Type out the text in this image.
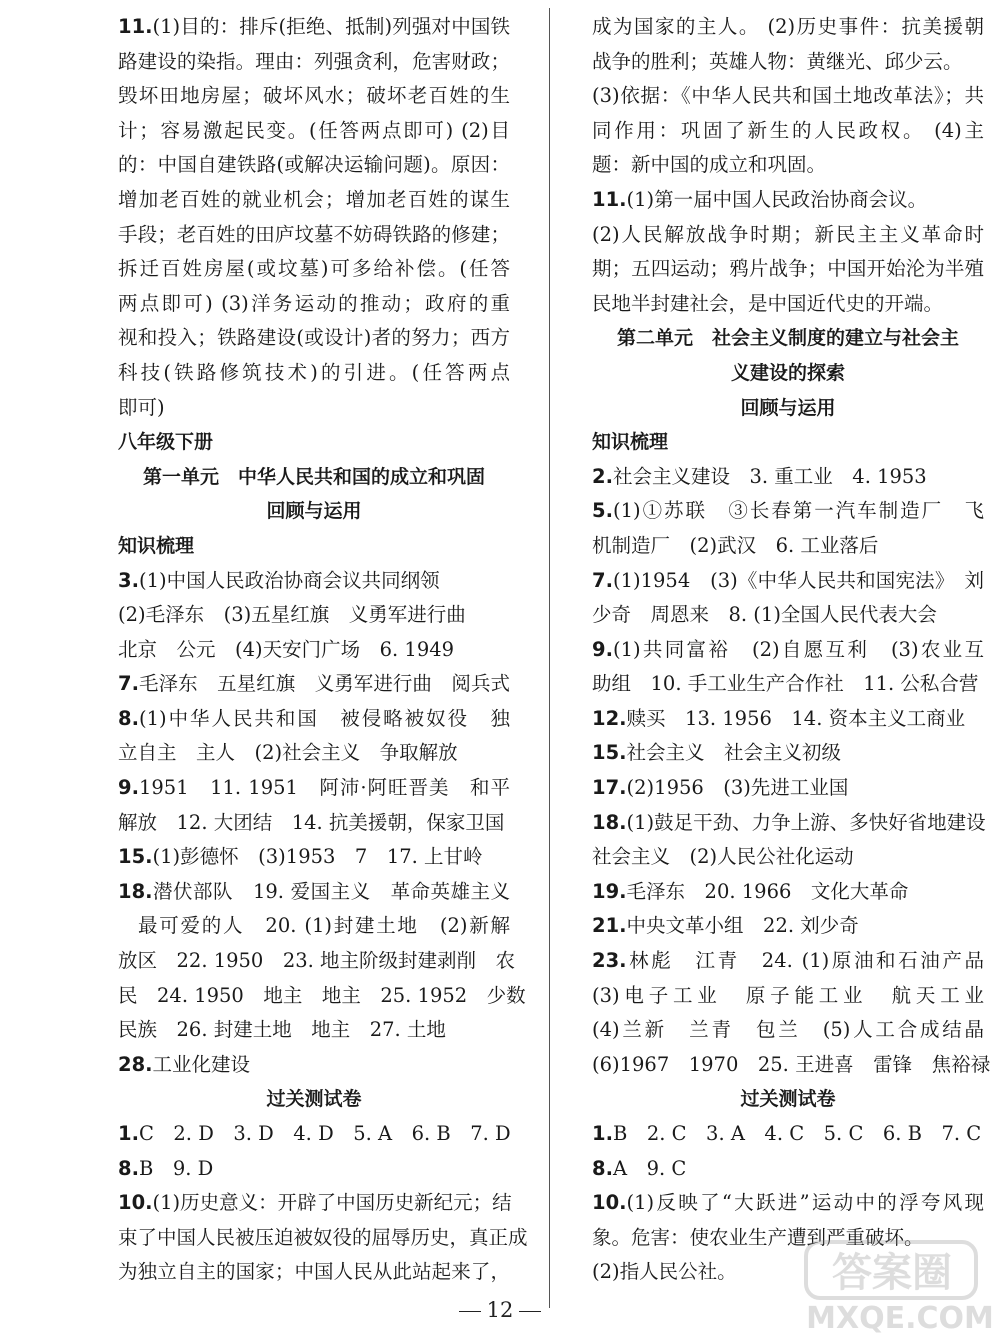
11.(1)目的：排斥(拒绝、抵制)列强对中国铁
路建设的染指。理由：列强贪利，危害财政；
毁坏田地房屋；破坏风水；破坏老百姓的生
计；容易激起民变。(任答两点即可) (2)目
的：中国自建铁路(或解决运输问题)。原因：
增加老百姓的就业机会；增加老百姓的谋生
手段；老百姓的田庐坟墓不妨碍铁路的修建；
拆迁百姓房屋(或坟墓)可多给补偿。(任答
两点即可) (3)洋务运动的推动；政府的重
视和投入；铁路建设(或设计)者的努力；西方
科技(铁路修筑技术)的引进。(任答两点
即可)
八年级下册
第一单元　中华人民共和国的成立和巩固
回顾与运用
知识梳理
3.(1)中国人民政治协商会议共同纲领
(2)毛泽东　(3)五星红旗　义勇军进行曲
北京　公元　(4)天安门广场　6. 1949
7.毛泽东　五星红旗　义勇军进行曲　阅兵式
8.(1)中华人民共和国　被侵略被奴役　独
立自主　主人　(2)社会主义　争取解放
9.1951　11. 1951　阿沛·阿旺晋美　和平
解放　12. 大团结　14. 抗美援朝，保家卫国
15.(1)彭德怀　(3)1953　7　17. 上甘岭
18.潜伏部队　19. 爱国主义　革命英雄主义
最可爱的人　20. (1)封建土地　(2)新解
放区　22. 1950　23. 地主阶级封建剥削　农
民　24. 1950　地主　地主　25. 1952　少数
民族　26. 封建土地　地主　27. 土地
28.工业化建设
过关测试卷
1.C　2. D　3. D　4. D　5. A　6. B　7. D
8.B　9. D
10.(1)历史意义：开辟了中国历史新纪元；结
束了中国人民被压迫被奴役的屈辱历史，真正成
为独立自主的国家；中国人民从此站起来了，
成为国家的主人。 (2)历史事件：抗美援朝
战争的胜利；英雄人物：黄继光、邱少云。
(3)依据：《中华人民共和国土地改革法》；共
同作用：巩固了新生的人民政权。 (4)主
题：新中国的成立和巩固。
11.(1)第一届中国人民政治协商会议。
(2)人民解放战争时期；新民主主义革命时
期；五四运动；鸦片战争；中国开始沦为半殖
民地半封建社会，是中国近代史的开端。
第二单元　社会主义制度的建立与社会主
义建设的探索
回顾与运用
知识梳理
2.社会主义建设　3. 重工业　4. 1953
5.(1)①苏联　③长春第一汽车制造厂　飞
机制造厂　(2)武汉　6. 工业落后
7.(1)1954　(3)《中华人民共和国宪法》　刘
少奇　周恩来　8. (1)全国人民代表大会
9.(1)共同富裕　(2)自愿互利　(3)农业互
助组　10. 手工业生产合作社　11. 公私合营
12.赎买　13. 1956　14. 资本主义工商业
15.社会主义　社会主义初级
17.(2)1956　(3)先进工业国
18.(1)鼓足干劲、力争上游、多快好省地建设
社会主义　(2)人民公社化运动
19.毛泽东　20. 1966　文化大革命
21.中央文革小组　22. 刘少奇
23.林彪　江青　24. (1)原油和石油产品
(3)电子工业　原子能工业　航天工业
(4)兰新　兰青　包兰　(5)人工合成结晶
(6)1967　1970　25. 王进喜　雷锋　焦裕禄
过关测试卷
1.B　2. C　3. A　4. C　5. C　6. B　7. C
8.A　9. C
10.(1)反映了“大跃进”运动中的浮夸风现
象。危害：使农业生产遭到严重破坏。
(2)指人民公社。
12
答案圈
MXQE.COM
